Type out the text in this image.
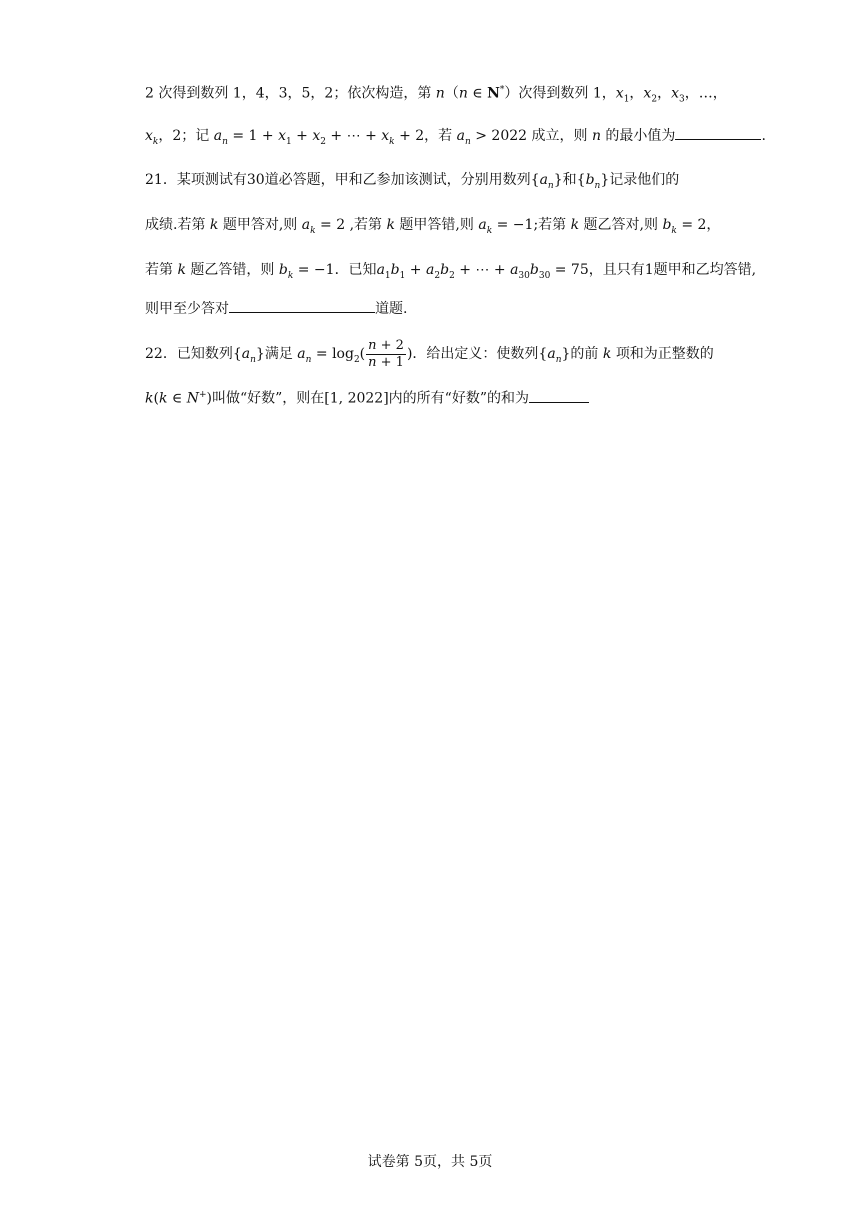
2 次得到数列 1，4，3，5，2；依次构造，第 n（n ∈ N*）次得到数列 1，$x_1$，$x_2$，$x_3$，…，
$x_k$，2；记 $a_n = 1 + x_1 + x_2$ + ⋯ + $x_k + 2$，若 $a_n > 2022$ 成立，则 n 的最小值为	.
21．某项测试有30道必答题，甲和乙参加该测试，分别用数列$\{a_n\}$和$\{b_n\}$记录他们的
成绩.若第 k 题甲答对,则 $a_k = 2$ ,若第 k 题甲答错,则 $a_k = -1$;若第 k 题乙答对,则 $b_k = 2$，
若第 k 题乙答错，则 $b_k = -1$．已知$a_1b_1 + a_2b_2$ + ⋯ + $a_{30}b_{30} = 75$，且只有1题甲和乙均答错,
则甲至少答对	道题.
22．已知数列$\{a_n\}$满足 $a_n = \log_2( \frac{n + 2}{n + 1}$ )．给出定义：使数列$\{a_n\}$的前 k 项和为正整数的
k(k ∈ N+)叫做“好数”，则在[1, 2022]内的所有“好数”的和为
试卷第 5页，共 5页
